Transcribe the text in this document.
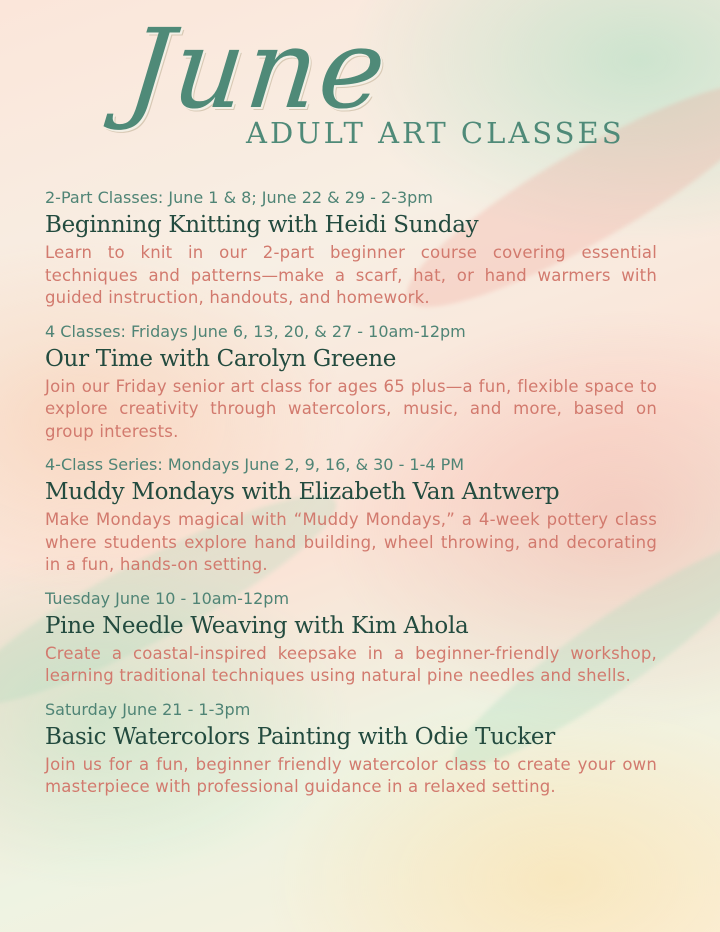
June
ADULT ART CLASSES
2-Part Classes: June 1 & 8; June 22 & 29 - 2-3pm
Beginning Knitting with Heidi Sunday
Learn to knit in our 2-part beginner course covering essential techniques and patterns—make a scarf, hat, or hand warmers with guided instruction, handouts, and homework.
4 Classes: Fridays June 6, 13, 20, & 27 - 10am-12pm
Our Time with Carolyn Greene
Join our Friday senior art class for ages 65 plus—a fun, flexible space to explore creativity through watercolors, music, and more, based on group interests.
4-Class Series: Mondays June 2, 9, 16, & 30 - 1-4 PM
Muddy Mondays with Elizabeth Van Antwerp
Make Mondays magical with “Muddy Mondays,” a 4-week pottery class where students explore hand building, wheel throwing, and decorating in a fun, hands-on setting.
Tuesday June 10 - 10am-12pm
Pine Needle Weaving with Kim Ahola
Create a coastal-inspired keepsake in a beginner-friendly workshop, learning traditional techniques using natural pine needles and shells.
Saturday June 21 - 1-3pm
Basic Watercolors Painting with Odie Tucker
Join us for a fun, beginner friendly watercolor class to create your own masterpiece with professional guidance in a relaxed setting.
